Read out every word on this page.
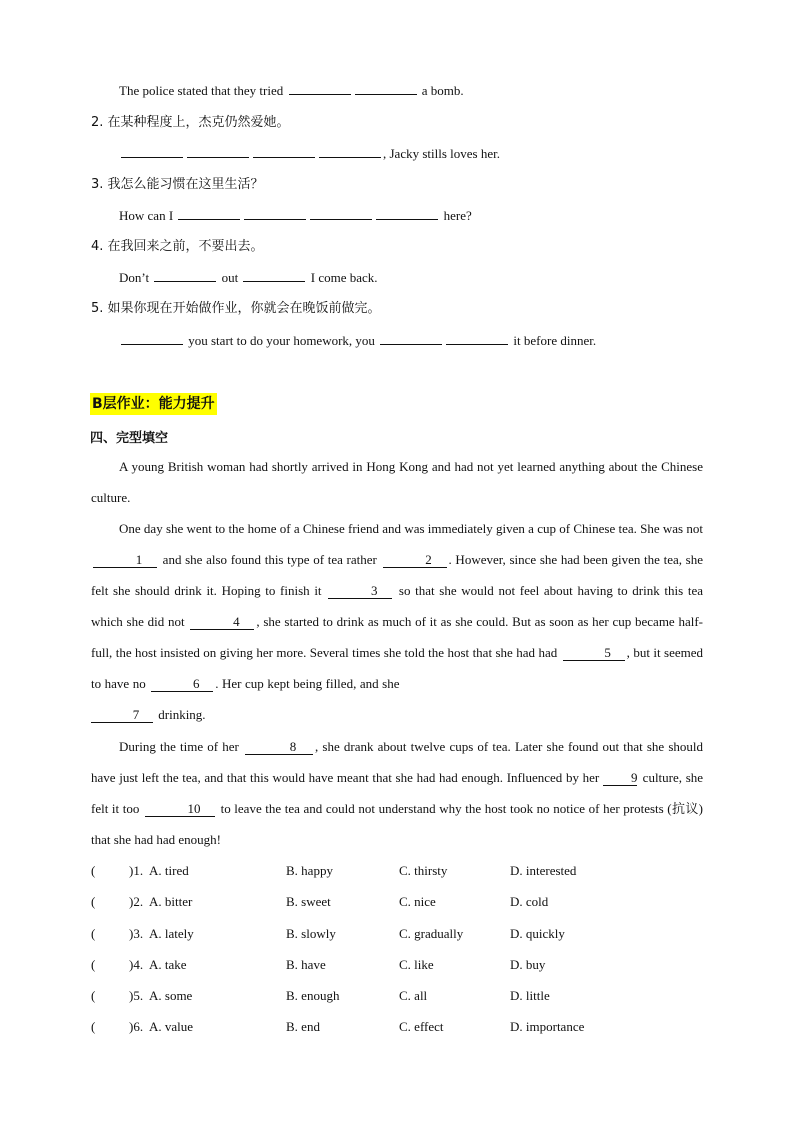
The police stated that they tried	a bomb.
2. 在某种程度上，杰克仍然爱她。
, Jacky stills loves her.
3. 我怎么能习惯在这里生活？
How can I	here?
4. 在我回来之前，不要出去。
Don’t	out	I come back.
5. 如果你现在开始做作业，你就会在晚饭前做完。
you start to do your homework, you	it before dinner.
B层作业：能力提升
四、完型填空
A young British woman had shortly arrived in Hong Kong and had not yet learned anything about the Chinese culture.
One day she went to the home of a Chinese friend and was immediately given a cup of Chinese tea. She was not 1 and she also found this type of tea rather	2 . However, since she had been given the tea, she felt she should drink it. Hoping to finish it	3 so that she would not feel about having to drink this tea which she did not	4 , she started to drink as much of it as she could. But as soon as her cup became half-full, the host insisted on giving her more. Several times she told the host that she had had	5 , but it seemed to have no	6 . Her cup kept being filled, and she  7 drinking.
During the time of her	8 , she drank about twelve cups of tea. Later she found out that she should have just left the tea, and that this would have meant that she had had enough. Influenced by her 9 culture, she felt it too	10 to leave the tea and could not understand why the host took no notice of her protests (抗议) that she had had enough!
(	)1. A. tired	B. happy	C. thirsty	D. interested
(	)2. A. bitter	B. sweet	C. nice	D. cold
(	)3. A. lately	B. slowly	C. gradually	D. quickly
(	)4. A. take	B. have	C. like	D. buy
(	)5. A. some	B. enough	C. all	D. little
(	)6. A. value	B. end	C. effect	D. importance
